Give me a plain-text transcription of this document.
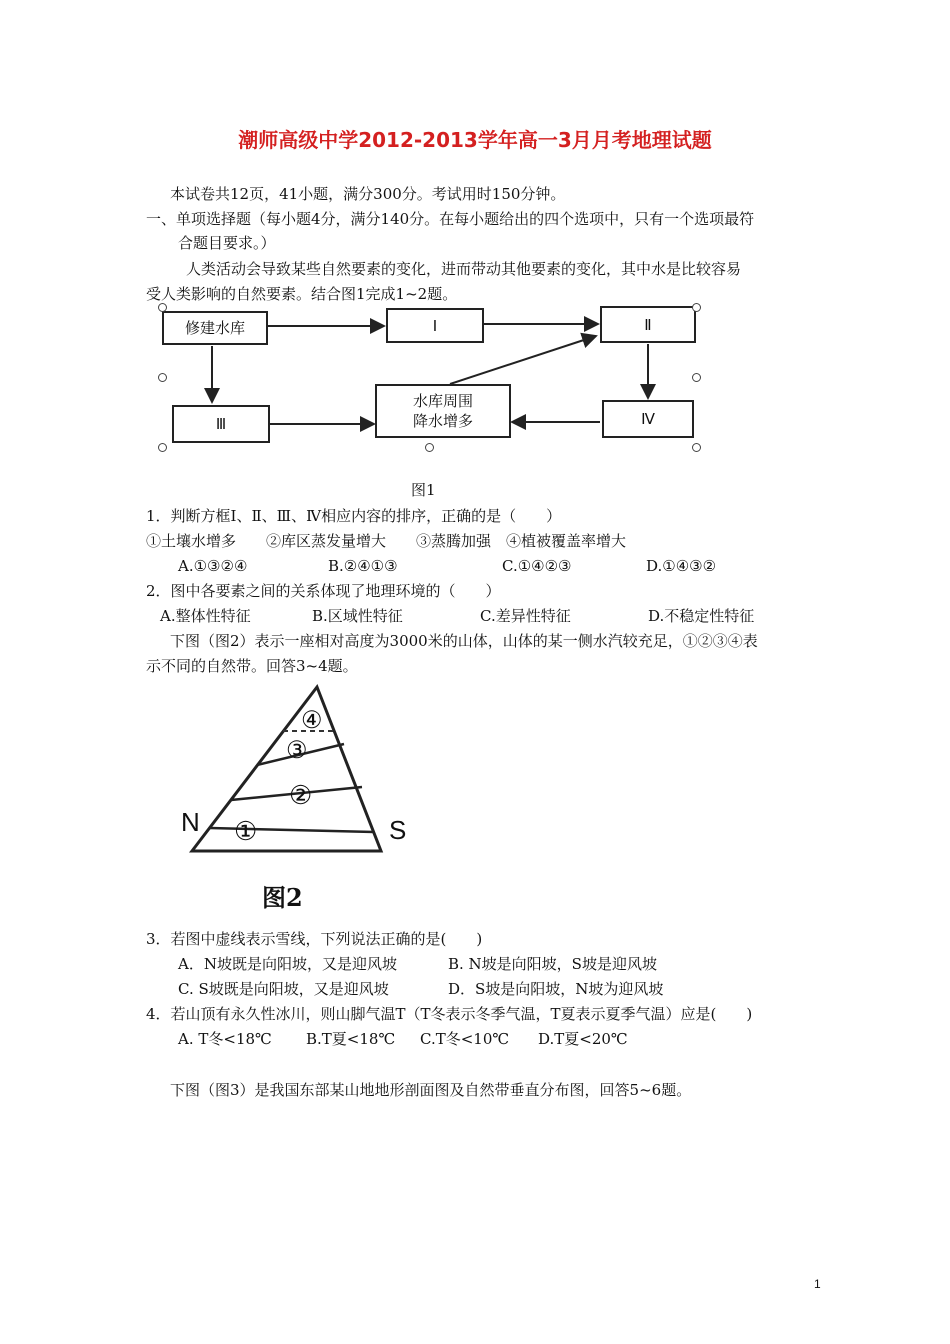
潮师高级中学2012-2013学年高一3月月考地理试题
本试卷共12页，41小题，满分300分。考试用时150分钟。
一、单项选择题（每小题4分，满分140分。在每小题给出的四个选项中，只有一个选项最符
合题目要求。）
人类活动会导致某些自然要素的变化，进而带动其他要素的变化，其中水是比较容易
受人类影响的自然要素。结合图1完成1~2题。
修建水库	Ⅰ	Ⅱ
Ⅲ
水库周围
降水增多	Ⅳ
图1
1．判断方框Ⅰ、Ⅱ、Ⅲ、Ⅳ相应内容的排序，正确的是（　　）
①土壤水增多　　②库区蒸发量增大　　③蒸腾加强　④植被覆盖率增大
A.①③②④	B.②④①③	C.①④②③	D.①④③②
2．图中各要素之间的关系体现了地理环境的（　　）
A.整体性特征	B.区域性特征	C.差异性特征	D.不稳定性特征
下图（图2）表示一座相对高度为3000米的山体，山体的某一侧水汽较充足，①②③④表
示不同的自然带。回答3~4题。
N	S
①
②
③
④
图2
3．若图中虚线表示雪线，下列说法正确的是(　　)
A．N坡既是向阳坡，又是迎风坡	B. N坡是向阳坡，S坡是迎风坡
C. S坡既是向阳坡，又是迎风坡	D．S坡是向阳坡，N坡为迎风坡
4．若山顶有永久性冰川，则山脚气温T（T冬表示冬季气温，T夏表示夏季气温）应是(　　)
A. T冬<18℃ B.T夏<18℃ C.T冬<10℃ D.T夏<20℃
下图（图3）是我国东部某山地地形剖面图及自然带垂直分布图，回答5~6题。
1
